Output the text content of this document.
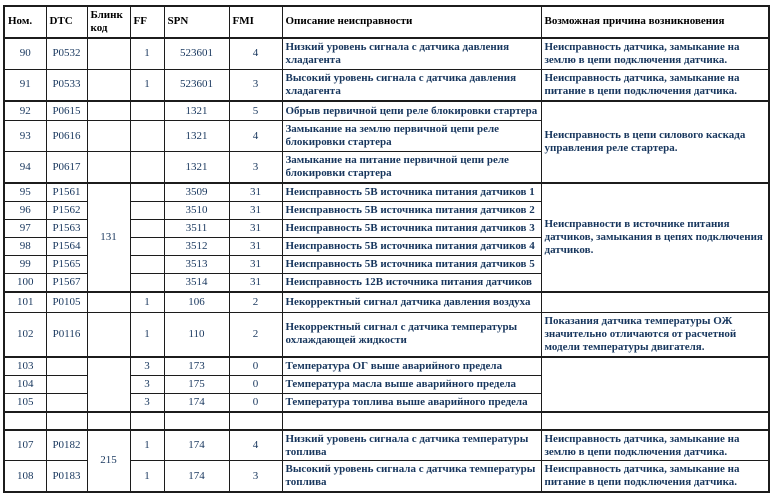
Ном.	DTC	Блинк код	FF	SPN	FMI	Описание неисправности	Возможная причина возникновения
90	P0532		1	523601	4	Низкий уровень сигнала с датчика давления хладагента	Неисправность датчика, замыкание на землю в цепи подключения датчика.
91	P0533		1	523601	3	Высокий уровень сигнала с датчика давления хладагента	Неисправность датчика, замыкание на питание в цепи подключения датчика.
92	P0615			1321	5	Обрыв первичной цепи реле блокировки стартера	Неисправность в цепи силового каскада управления реле стартера.
93	P0616			1321	4	Замыкание на землю первичной цепи реле блокировки стартера	
94	P0617			1321	3	Замыкание на питание первичной цепи реле блокировки стартера	
95	P1561	131		3509	31	Неисправность 5В источника питания датчиков 1	Неисправности в источнике питания датчиков, замыкания в цепях подключения датчиков.
96	P1562			3510	31	Неисправность 5В источника питания датчиков 2	
97	P1563			3511	31	Неисправность 5В источника питания датчиков 3	
98	P1564			3512	31	Неисправность 5В источника питания датчиков 4	
99	P1565			3513	31	Неисправность 5В источника питания датчиков 5	
100	P1567			3514	31	Неисправность 12В источника питания датчиков	
101	P0105		1	106	2	Некорректный сигнал датчика давления воздуха	
102	P0116		1	110	2	Некорректный сигнал с датчика температуры охлаждающей жидкости	Показания датчика температуры ОЖ значительно отличаются от расчетной модели температуры двигателя.
103			3	173	0	Температура ОГ выше аварийного предела	
104			3	175	0	Температура масла выше аварийного предела	
105			3	174	0	Температура топлива выше аварийного предела	

107	P0182	215	1	174	4	Низкий уровень сигнала с датчика температуры топлива	Неисправность датчика, замыкание на землю в цепи подключения датчика.
108	P0183		1	174	3	Высокий уровень сигнала с датчика температуры топлива	Неисправность датчика, замыкание на питание в цепи подключения датчика.
